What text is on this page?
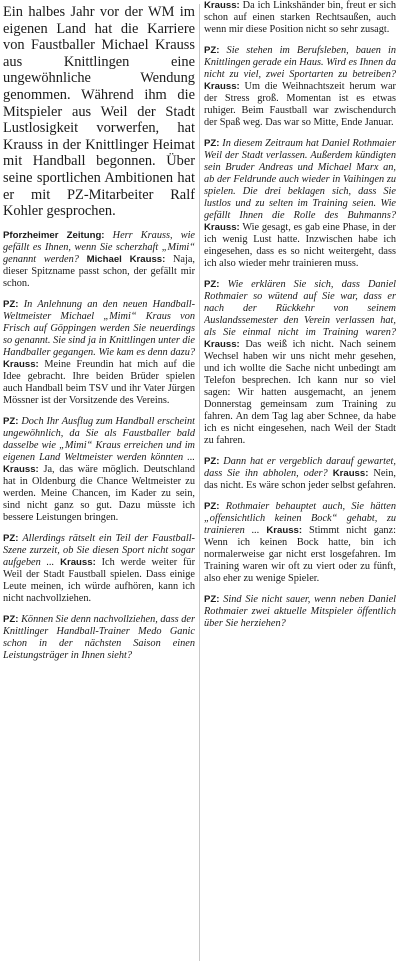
Ein halbes Jahr vor der WM im eigenen Land hat die Karriere von Faustballer Michael Krauss aus Knittlingen eine ungewöhnliche Wendung genommen. Während ihm die Mitspieler aus Weil der Stadt Lustlosigkeit vorwerfen, hat Krauss in der Knittlinger Heimat mit Handball begonnen. Über seine sportlichen Ambitionen hat er mit PZ-Mitarbeiter Ralf Kohler gesprochen.

Pforzheimer Zeitung: Herr Krauss, wie gefällt es Ihnen, wenn Sie scherzhaft „Mimi“ genannt werden? Michael Krauss: Naja, dieser Spitzname passt schon, der gefällt mir schon.

PZ: In Anlehnung an den neuen Handball-Weltmeister Michael „Mimi“ Kraus von Frisch auf Göppingen werden Sie neuerdings so genannt. Sie sind ja in Knittlingen unter die Handballer gegangen. Wie kam es denn dazu? Krauss: Meine Freundin hat mich auf die Idee gebracht. Ihre beiden Brüder spielen auch Handball beim TSV und ihr Vater Jürgen Mössner ist der Vorsitzende des Vereins.

PZ: Doch Ihr Ausflug zum Handball erscheint ungewöhnlich, da Sie als Faustballer bald dasselbe wie „Mimi“ Kraus erreichen und im eigenen Land Weltmeister werden könnten ... Krauss: Ja, das wäre möglich. Deutschland hat in Oldenburg die Chance Weltmeister zu werden. Meine Chancen, im Kader zu sein, sind nicht ganz so gut. Dazu müsste ich bessere Leistungen bringen.

PZ: Allerdings rätselt ein Teil der Faustball-Szene zurzeit, ob Sie diesen Sport nicht sogar aufgeben ... Krauss: Ich werde weiter für Weil der Stadt Faustball spielen. Dass einige Leute meinen, ich würde aufhören, kann ich nicht nachvollziehen.

PZ: Können Sie denn nachvollziehen, dass der Knittlinger Handball-Trainer Medo Ganic schon in der nächsten Saison einen Leistungsträger in Ihnen sieht?

Krauss: Da ich Linkshänder bin, freut er sich schon auf einen starken Rechtsaußen, auch wenn mir diese Position nicht so sehr zusagt.

PZ: Sie stehen im Berufsleben, bauen in Knittlingen gerade ein Haus. Wird es Ihnen da nicht zu viel, zwei Sportarten zu betreiben? Krauss: Um die Weihnachtszeit herum war der Stress groß. Momentan ist es etwas ruhiger. Beim Faustball war zwischendurch der Spaß weg. Das war so Mitte, Ende Januar.

PZ: In diesem Zeitraum hat Daniel Rothmaier Weil der Stadt verlassen. Außerdem kündigten sein Bruder Andreas und Michael Marx an, ab der Feldrunde auch wieder in Vaihingen zu spielen. Die drei beklagen sich, dass Sie lustlos und zu selten im Training seien. Wie gefällt Ihnen die Rolle des Buhmanns? Krauss: Wie gesagt, es gab eine Phase, in der ich wenig Lust hatte. Inzwischen habe ich eingesehen, dass es so nicht weitergeht, dass ich also wieder mehr trainieren muss.

PZ: Wie erklären Sie sich, dass Daniel Rothmaier so wütend auf Sie war, dass er nach der Rückkehr von seinem Auslandssemester den Verein verlassen hat, als Sie einmal nicht im Training waren? Krauss: Das weiß ich nicht. Nach seinem Wechsel haben wir uns nicht mehr gesehen, und ich wollte die Sache nicht unbedingt am Telefon besprechen. Ich kann nur so viel sagen: Wir hatten ausgemacht, an jenem Donnerstag gemeinsam zum Training zu fahren. An dem Tag lag aber Schnee, da habe ich es nicht eingesehen, nach Weil der Stadt zu fahren.

PZ: Dann hat er vergeblich darauf gewartet, dass Sie ihn abholen, oder? Krauss: Nein, das nicht. Es wäre schon jeder selbst gefahren.

PZ: Rothmaier behauptet auch, Sie hätten „offensichtlich keinen Bock“ gehabt, zu trainieren ... Krauss: Stimmt nicht ganz: Wenn ich keinen Bock hatte, bin ich normalerweise gar nicht erst losgefahren. Im Training waren wir oft zu viert oder zu fünft, also eher zu wenige Spieler.

PZ: Sind Sie nicht sauer, wenn neben Daniel Rothmaier zwei aktuelle Mitspieler öffentlich über Sie herziehen?
